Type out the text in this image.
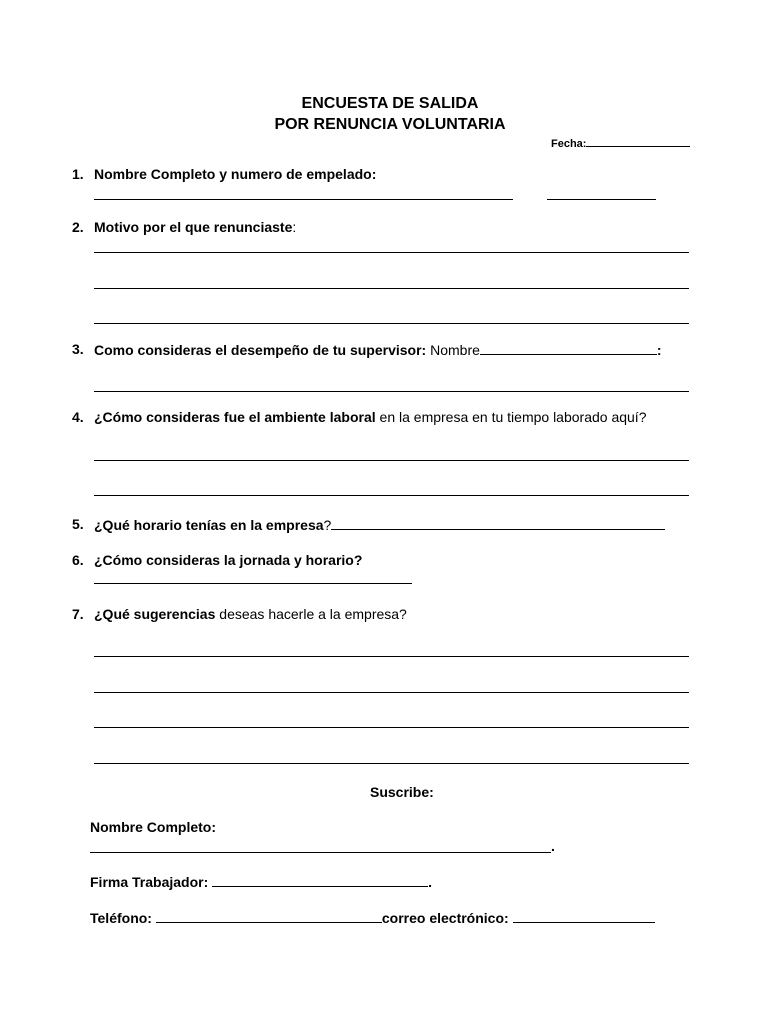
ENCUESTA DE SALIDA
POR RENUNCIA VOLUNTARIA
Fecha:
1. Nombre Completo y numero de empelado:
2. Motivo por el que renunciaste:
3. Como consideras el desempeño de tu supervisor: Nombre	:
4. ¿Cómo consideras fue el ambiente laboral en la empresa en tu tiempo laborado aquí?
5. ¿Qué horario tenías en la empresa?
6. ¿Cómo consideras la jornada y horario?
7. ¿Qué sugerencias deseas hacerle a la empresa?
Suscribe:
Nombre Completo:
.
Firma Trabajador:	.
Teléfono:	correo electrónico:
